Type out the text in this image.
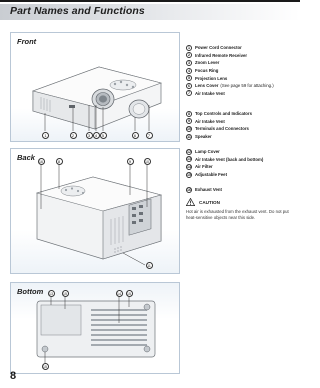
Part Names and Functions
Front
1	2	3	4	5	6	7
Back	16	8	9	10
11
Bottom	13	15	15
14
15
1	Power Cord Connector
2	Infrared Remote Receiver
3	Zoom Lever
4	Focus Ring
5	Projection Lens
6	Lens Cover (See page 59 for attaching.)
7	Air Intake Vent
8	Top Controls and Indicators
9	Air Intake Vent
10 Terminals and Connectors
11 Speaker
12 Lamp Cover
13 Air Intake Vent (back and bottom)
14 Air Filter
15 Adjustable Feet
16 Exhaust Vent
CAUTION
Hot air is exhausted from the exhaust vent. Do not put heat-sensitive objects near this side.
8
